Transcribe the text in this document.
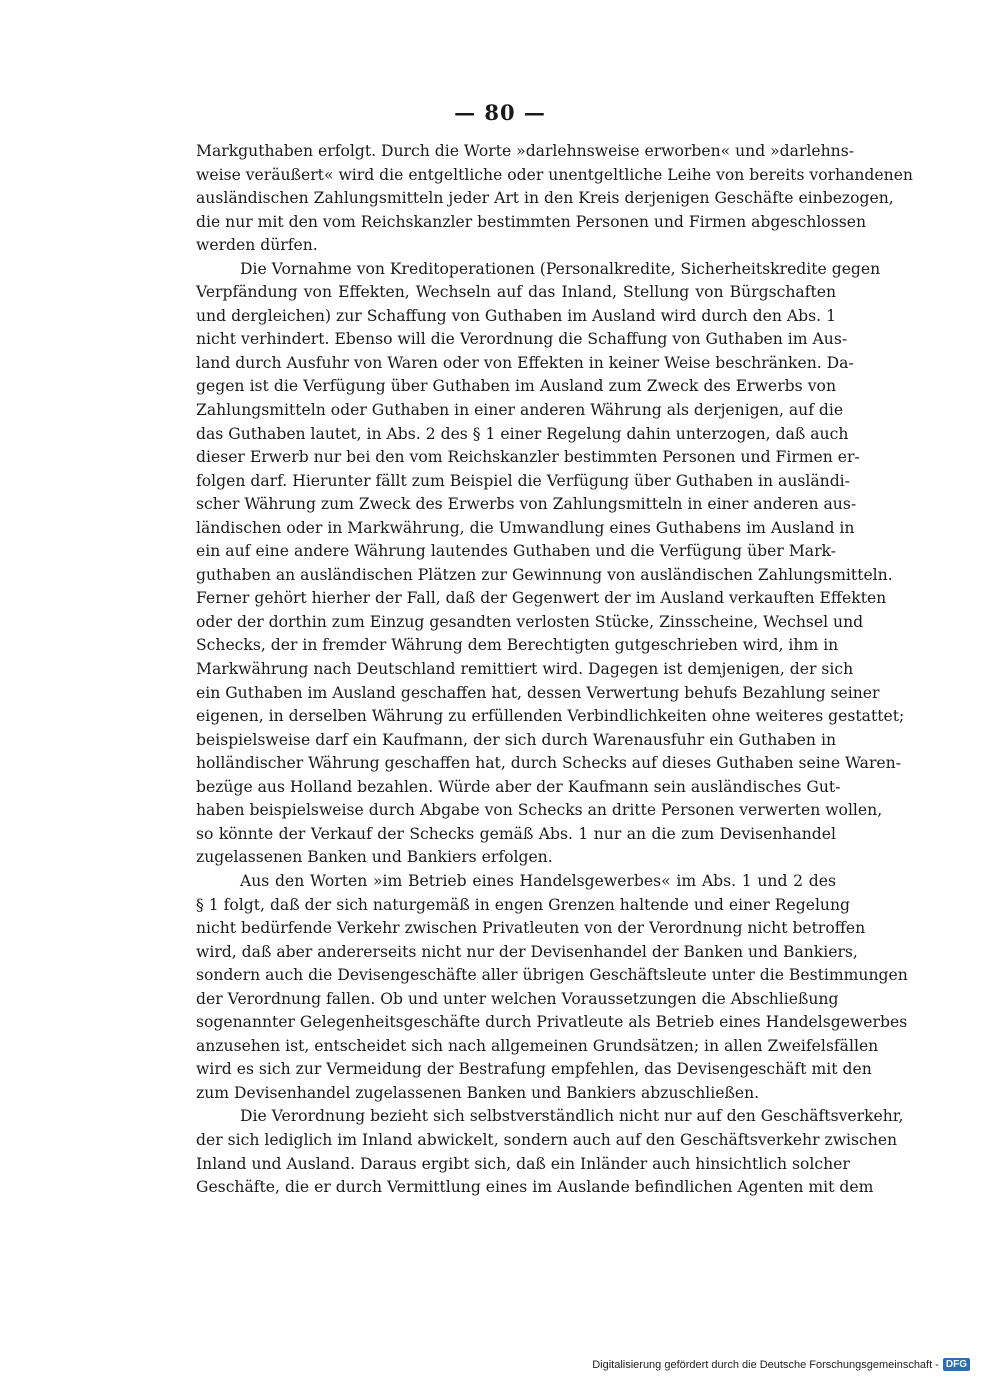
— 80 —
Markguthaben erfolgt. Durch die Worte »darlehnsweise erworben« und »darlehns-
weise veräußert« wird die entgeltliche oder unentgeltliche Leihe von bereits vorhandenen
ausländischen Zahlungsmitteln jeder Art in den Kreis derjenigen Geschäfte einbezogen,
die nur mit den vom Reichskanzler bestimmten Personen und Firmen abgeschlossen
werden dürfen.
Die Vornahme von Kreditoperationen (Personalkredite, Sicherheitskredite gegen
Verpfändung von Effekten, Wechseln auf das Inland, Stellung von Bürgschaften
und dergleichen) zur Schaffung von Guthaben im Ausland wird durch den Abs. 1
nicht verhindert. Ebenso will die Verordnung die Schaffung von Guthaben im Aus-
land durch Ausfuhr von Waren oder von Effekten in keiner Weise beschränken. Da-
gegen ist die Verfügung über Guthaben im Ausland zum Zweck des Erwerbs von
Zahlungsmitteln oder Guthaben in einer anderen Währung als derjenigen, auf die
das Guthaben lautet, in Abs. 2 des § 1 einer Regelung dahin unterzogen, daß auch
dieser Erwerb nur bei den vom Reichskanzler bestimmten Personen und Firmen er-
folgen darf. Hierunter fällt zum Beispiel die Verfügung über Guthaben in ausländi-
scher Währung zum Zweck des Erwerbs von Zahlungsmitteln in einer anderen aus-
ländischen oder in Markwährung, die Umwandlung eines Guthabens im Ausland in
ein auf eine andere Währung lautendes Guthaben und die Verfügung über Mark-
guthaben an ausländischen Plätzen zur Gewinnung von ausländischen Zahlungsmitteln.
Ferner gehört hierher der Fall, daß der Gegenwert der im Ausland verkauften Effekten
oder der dorthin zum Einzug gesandten verlosten Stücke, Zinsscheine, Wechsel und
Schecks, der in fremder Währung dem Berechtigten gutgeschrieben wird, ihm in
Markwährung nach Deutschland remittiert wird. Dagegen ist demjenigen, der sich
ein Guthaben im Ausland geschaffen hat, dessen Verwertung behufs Bezahlung seiner
eigenen, in derselben Währung zu erfüllenden Verbindlichkeiten ohne weiteres gestattet;
beispielsweise darf ein Kaufmann, der sich durch Warenausfuhr ein Guthaben in
holländischer Währung geschaffen hat, durch Schecks auf dieses Guthaben seine Waren-
bezüge aus Holland bezahlen. Würde aber der Kaufmann sein ausländisches Gut-
haben beispielsweise durch Abgabe von Schecks an dritte Personen verwerten wollen,
so könnte der Verkauf der Schecks gemäß Abs. 1 nur an die zum Devisenhandel
zugelassenen Banken und Bankiers erfolgen.
Aus den Worten »im Betrieb eines Handelsgewerbes« im Abs. 1 und 2 des
§ 1 folgt, daß der sich naturgemäß in engen Grenzen haltende und einer Regelung
nicht bedürfende Verkehr zwischen Privatleuten von der Verordnung nicht betroffen
wird, daß aber andererseits nicht nur der Devisenhandel der Banken und Bankiers,
sondern auch die Devisengeschäfte aller übrigen Geschäftsleute unter die Bestimmungen
der Verordnung fallen. Ob und unter welchen Voraussetzungen die Abschließung
sogenannter Gelegenheitsgeschäfte durch Privatleute als Betrieb eines Handelsgewerbes
anzusehen ist, entscheidet sich nach allgemeinen Grundsätzen; in allen Zweifelsfällen
wird es sich zur Vermeidung der Bestrafung empfehlen, das Devisengeschäft mit den
zum Devisenhandel zugelassenen Banken und Bankiers abzuschließen.
Die Verordnung bezieht sich selbstverständlich nicht nur auf den Geschäftsverkehr,
der sich lediglich im Inland abwickelt, sondern auch auf den Geschäftsverkehr zwischen
Inland und Ausland. Daraus ergibt sich, daß ein Inländer auch hinsichtlich solcher
Geschäfte, die er durch Vermittlung eines im Auslande befindlichen Agenten mit dem
Digitalisierung gefördert durch die Deutsche Forschungsgemeinschaft - DFG
